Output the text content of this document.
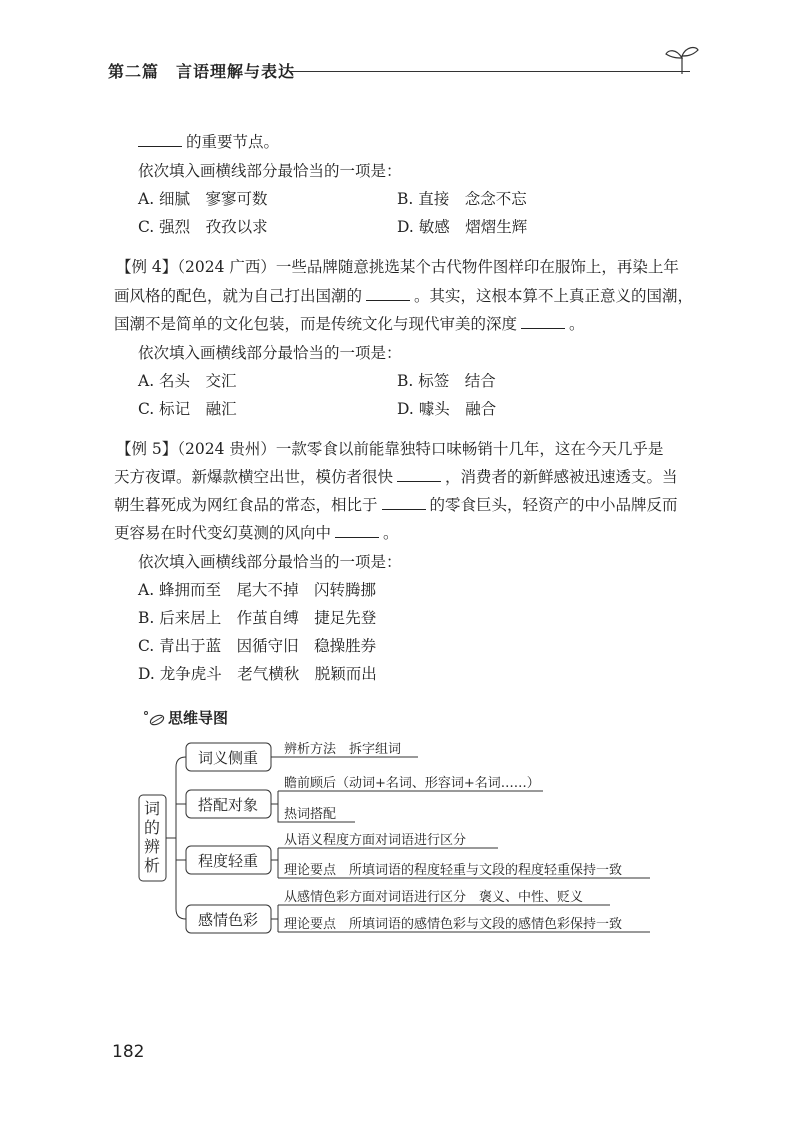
第二篇　言语理解与表达
的重要节点。
依次填入画横线部分最恰当的一项是：
A. 细腻　寥寥可数	B. 直接　念念不忘
C. 强烈　孜孜以求	D. 敏感　熠熠生辉
【例 4】（2024 广西）一些品牌随意挑选某个古代物件图样印在服饰上，再染上年
画风格的配色，就为自己打出国潮的	。其实，这根本算不上真正意义的国潮，
国潮不是简单的文化包装，而是传统文化与现代审美的深度	。
依次填入画横线部分最恰当的一项是：
A. 名头　交汇	B. 标签　结合
C. 标记　融汇	D. 噱头　融合
【例 5】（2024 贵州）一款零食以前能靠独特口味畅销十几年，这在今天几乎是
天方夜谭。新爆款横空出世，模仿者很快	，消费者的新鲜感被迅速透支。当
朝生暮死成为网红食品的常态，相比于	的零食巨头，轻资产的中小品牌反而
更容易在时代变幻莫测的风向中	。
依次填入画横线部分最恰当的一项是：
A. 蜂拥而至　尾大不掉　闪转腾挪
B. 后来居上　作茧自缚　捷足先登
C. 青出于蓝　因循守旧　稳操胜券
D. 龙争虎斗　老气横秋　脱颖而出
思维导图
词
的
辨
析
词义侧重
搭配对象
程度轻重
感情色彩
辨析方法　拆字组词
瞻前顾后（动词+名词、形容词+名词……）
热词搭配
从语义程度方面对词语进行区分
理论要点　所填词语的程度轻重与文段的程度轻重保持一致
从感情色彩方面对词语进行区分　褒义、中性、贬义
理论要点　所填词语的感情色彩与文段的感情色彩保持一致
182
